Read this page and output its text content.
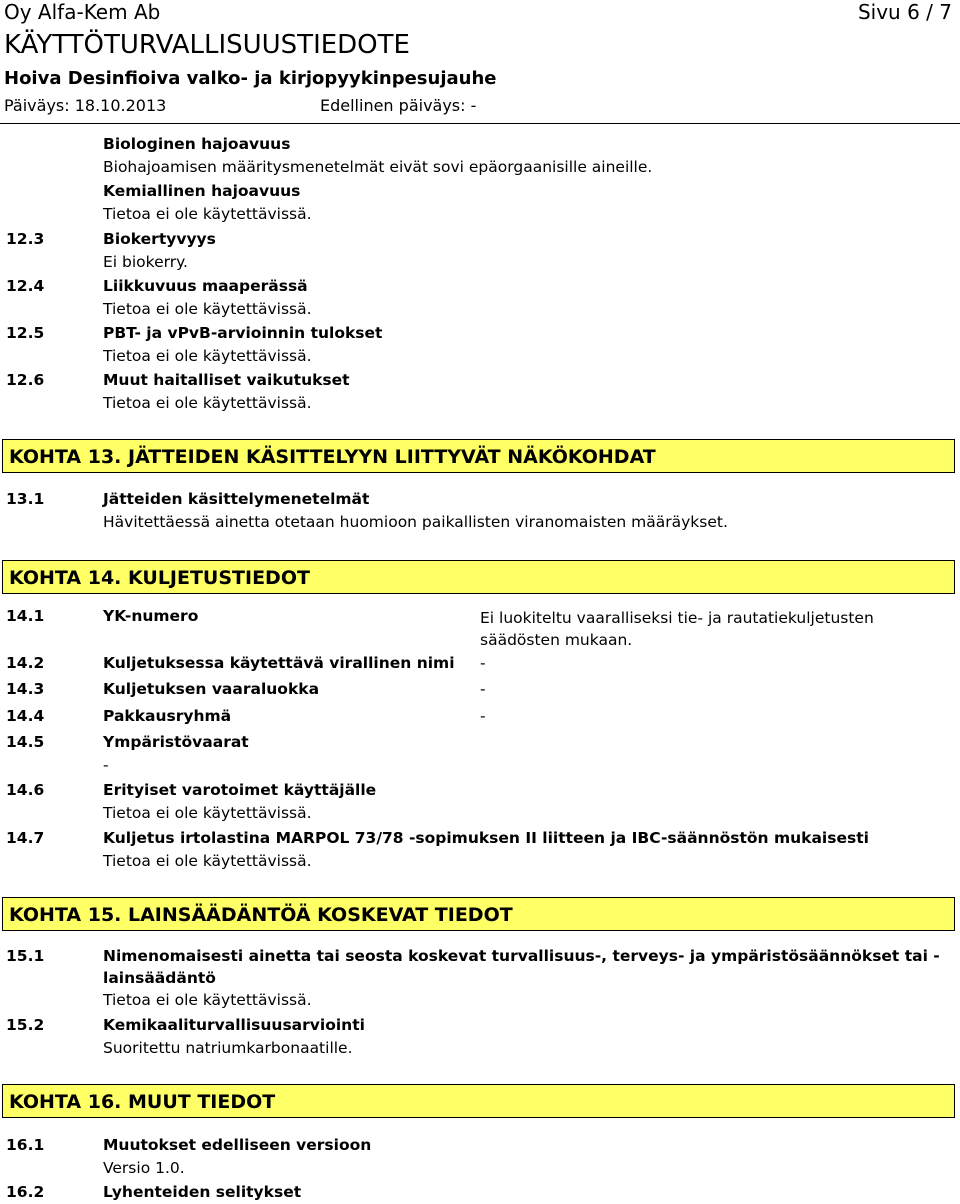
Oy Alfa-Kem Ab	Sivu 6 / 7
KÄYTTÖTURVALLISUUSTIEDOTE
Hoiva Desinfioiva valko- ja kirjopyykinpesujauhe
Päiväys: 18.10.2013	Edellinen päiväys: -
Biologinen hajoavuus
Biohajoamisen määritysmenetelmät eivät sovi epäorgaanisille aineille.
Kemiallinen hajoavuus
Tietoa ei ole käytettävissä.
12.3	Biokertyvyys
Ei biokerry.
12.4	Liikkuvuus maaperässä
Tietoa ei ole käytettävissä.
12.5	PBT- ja vPvB-arvioinnin tulokset
Tietoa ei ole käytettävissä.
12.6	Muut haitalliset vaikutukset
Tietoa ei ole käytettävissä.
KOHTA 13. JÄTTEIDEN KÄSITTELYYN LIITTYVÄT NÄKÖKOHDAT
13.1	Jätteiden käsittelymenetelmät
Hävitettäessä ainetta otetaan huomioon paikallisten viranomaisten määräykset.
KOHTA 14. KULJETUSTIEDOT
14.1	YK-numero	Ei luokiteltu vaaralliseksi tie- ja rautatiekuljetusten säädösten mukaan.
14.2	Kuljetuksessa käytettävä virallinen nimi -
14.3	Kuljetuksen vaaraluokka	-
14.4	Pakkausryhmä	-
14.5	Ympäristövaarat
-
14.6	Erityiset varotoimet käyttäjälle
Tietoa ei ole käytettävissä.
14.7	Kuljetus irtolastina MARPOL 73/78 -sopimuksen II liitteen ja IBC-säännöstön mukaisesti
Tietoa ei ole käytettävissä.
KOHTA 15. LAINSÄÄDÄNTÖÄ KOSKEVAT TIEDOT
15.1	Nimenomaisesti ainetta tai seosta koskevat turvallisuus-, terveys- ja ympäristösäännökset tai -
lainsäädäntö
Tietoa ei ole käytettävissä.
15.2	Kemikaaliturvallisuusarviointi
Suoritettu natriumkarbonaatille.
KOHTA 16. MUUT TIEDOT
16.1	Muutokset edelliseen versioon
Versio 1.0.
16.2	Lyhenteiden selitykset
